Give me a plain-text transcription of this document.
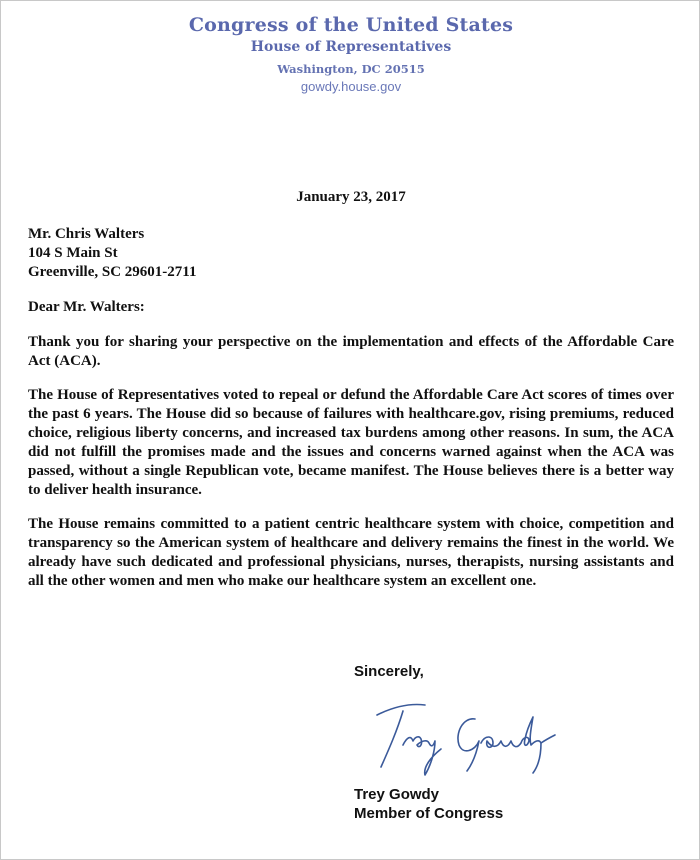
Congress of the United States
House of Representatives
Washington, DC 20515
gowdy.house.gov
January 23, 2017
Mr. Chris Walters
104 S Main St
Greenville, SC 29601-2711
Dear Mr. Walters:
Thank you for sharing your perspective on the implementation and effects of the Affordable Care Act (ACA).
The House of Representatives voted to repeal or defund the Affordable Care Act scores of times over the past 6 years. The House did so because of failures with healthcare.gov, rising premiums, reduced choice, religious liberty concerns, and increased tax burdens among other reasons. In sum, the ACA did not fulfill the promises made and the issues and concerns warned against when the ACA was passed, without a single Republican vote, became manifest. The House believes there is a better way to deliver health insurance.
The House remains committed to a patient centric healthcare system with choice, competition and transparency so the American system of healthcare and delivery remains the finest in the world. We already have such dedicated and professional physicians, nurses, therapists, nursing assistants and all the other women and men who make our healthcare system an excellent one.
Sincerely,
Trey Gowdy
Member of Congress
